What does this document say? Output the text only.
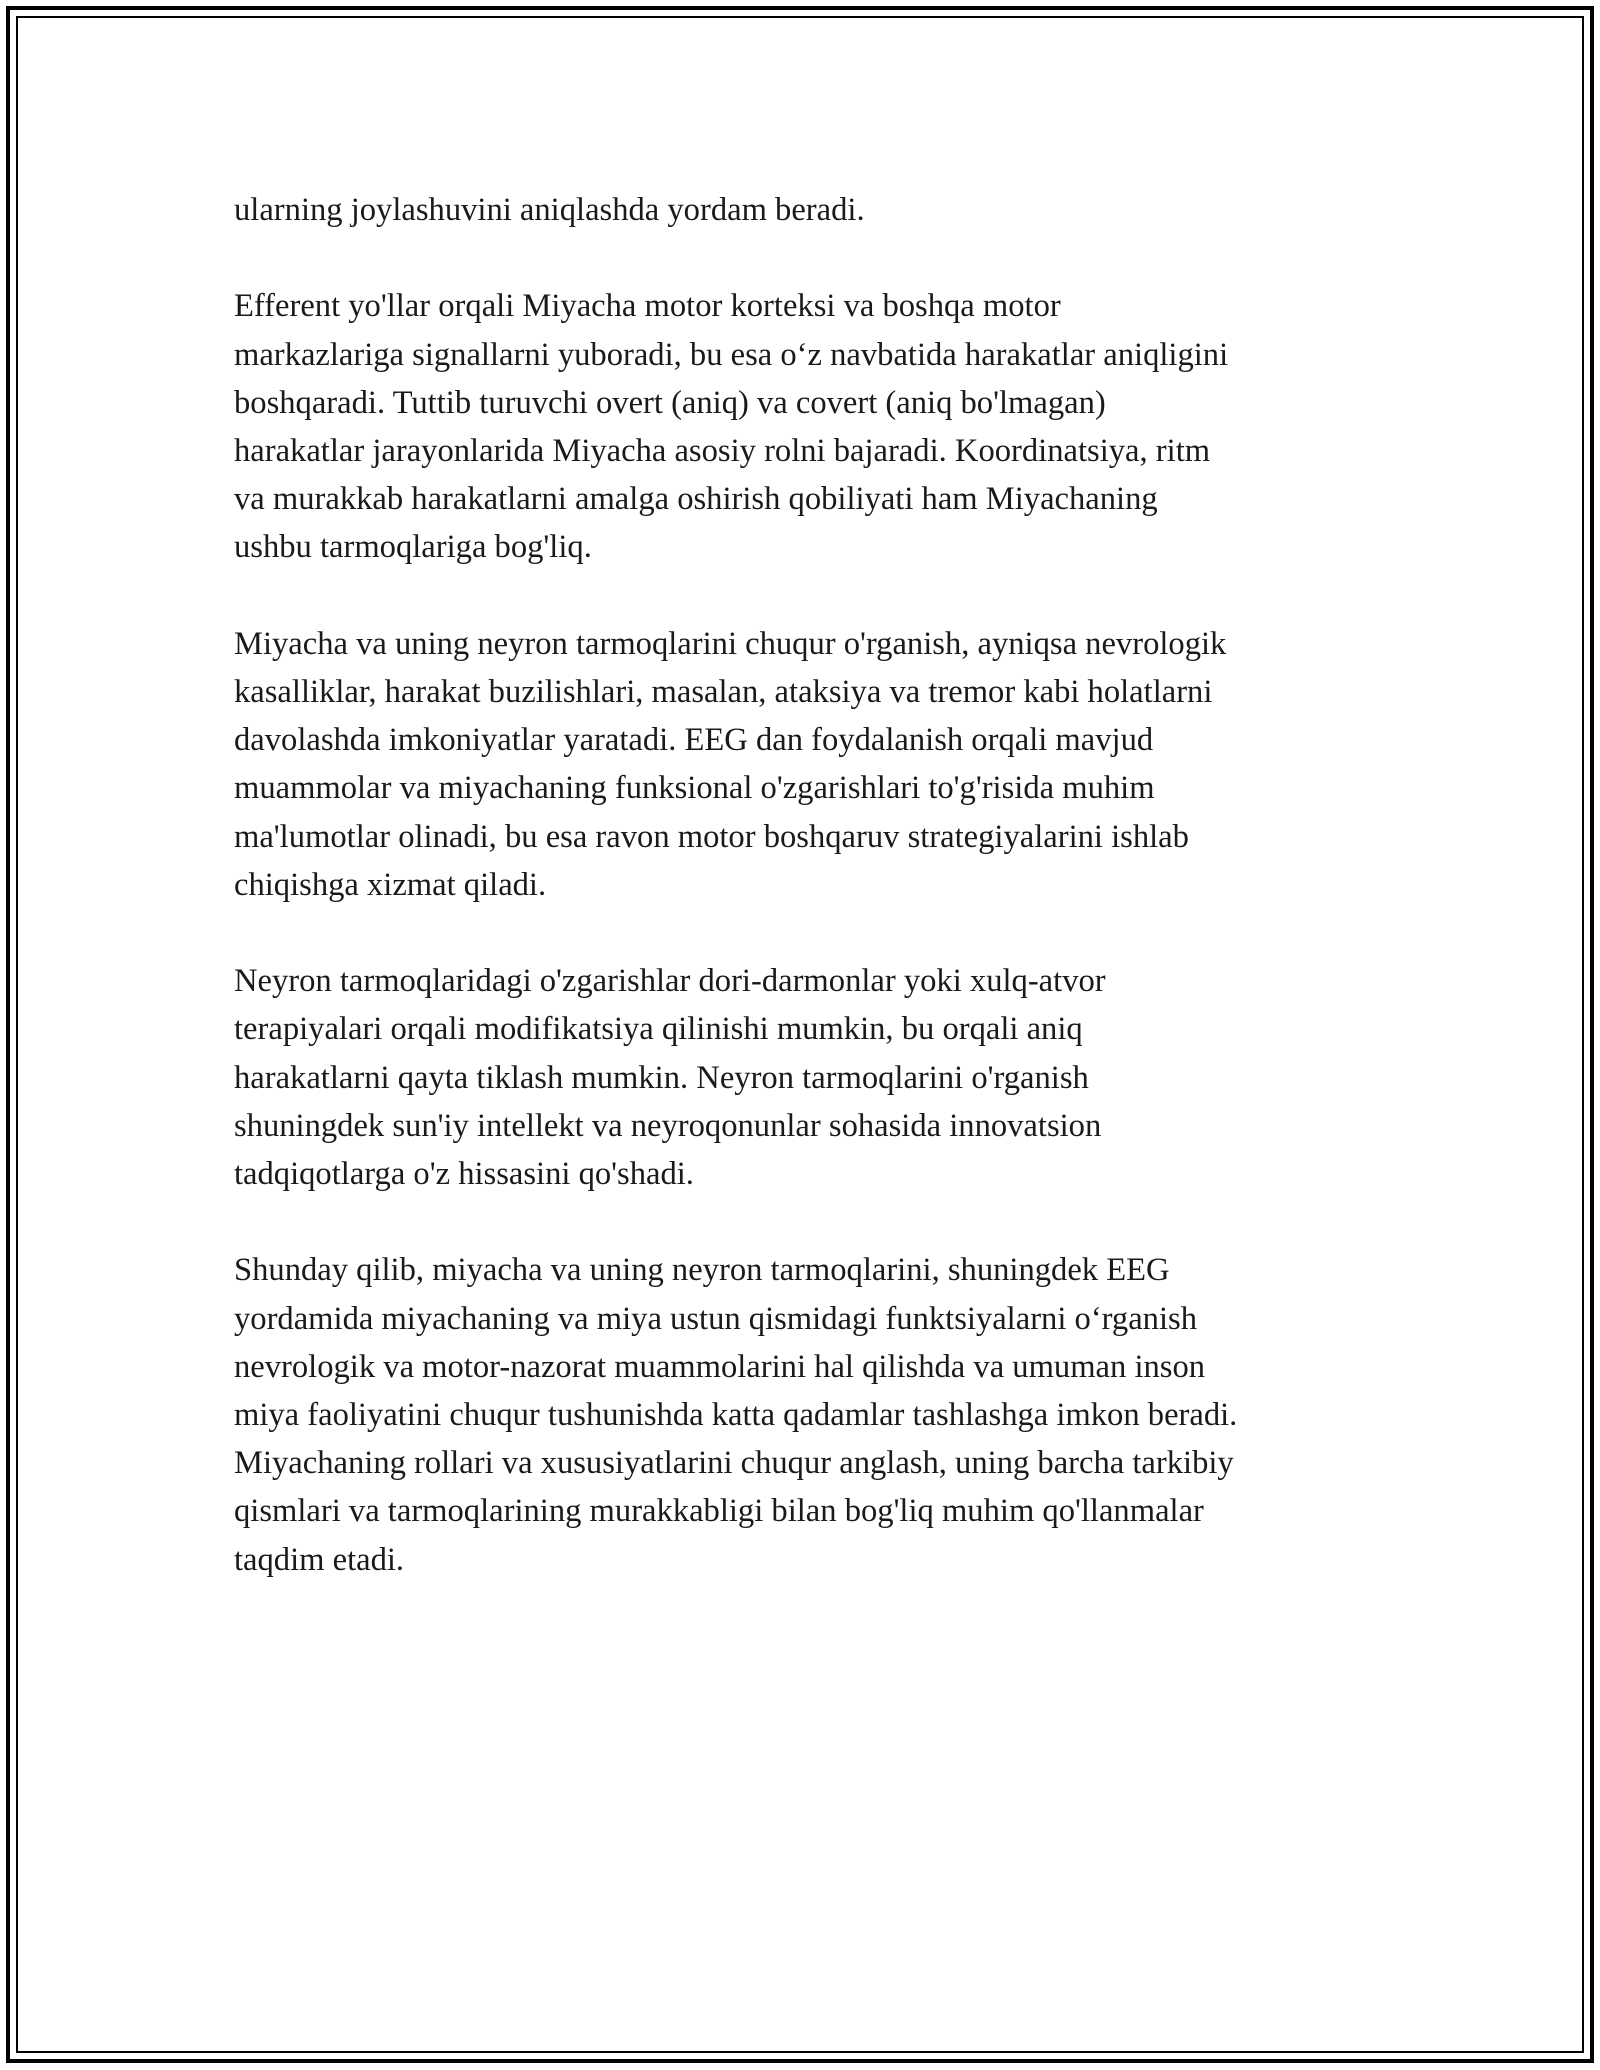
ularning joylashuvini aniqlashda yordam beradi.

Efferent yo'llar orqali Miyacha motor korteksi va boshqa motor
markazlariga signallarni yuboradi, bu esa o‘z navbatida harakatlar aniqligini
boshqaradi. Tuttib turuvchi overt (aniq) va covert (aniq bo'lmagan)
harakatlar jarayonlarida Miyacha asosiy rolni bajaradi. Koordinatsiya, ritm
va murakkab harakatlarni amalga oshirish qobiliyati ham Miyachaning
ushbu tarmoqlariga bog'liq.

Miyacha va uning neyron tarmoqlarini chuqur o'rganish, ayniqsa nevrologik
kasalliklar, harakat buzilishlari, masalan, ataksiya va tremor kabi holatlarni
davolashda imkoniyatlar yaratadi. EEG dan foydalanish orqali mavjud
muammolar va miyachaning funksional o'zgarishlari to'g'risida muhim
ma'lumotlar olinadi, bu esa ravon motor boshqaruv strategiyalarini ishlab
chiqishga xizmat qiladi.

Neyron tarmoqlaridagi o'zgarishlar dori-darmonlar yoki xulq-atvor
terapiyalari orqali modifikatsiya qilinishi mumkin, bu orqali aniq
harakatlarni qayta tiklash mumkin. Neyron tarmoqlarini o'rganish
shuningdek sun'iy intellekt va neyroqonunlar sohasida innovatsion
tadqiqotlarga o'z hissasini qo'shadi.

Shunday qilib, miyacha va uning neyron tarmoqlarini, shuningdek EEG
yordamida miyachaning va miya ustun qismidagi funktsiyalarni o‘rganish
nevrologik va motor-nazorat muammolarini hal qilishda va umuman inson
miya faoliyatini chuqur tushunishda katta qadamlar tashlashga imkon beradi.
Miyachaning rollari va xususiyatlarini chuqur anglash, uning barcha tarkibiy
qismlari va tarmoqlarining murakkabligi bilan bog'liq muhim qo'llanmalar
taqdim etadi.
